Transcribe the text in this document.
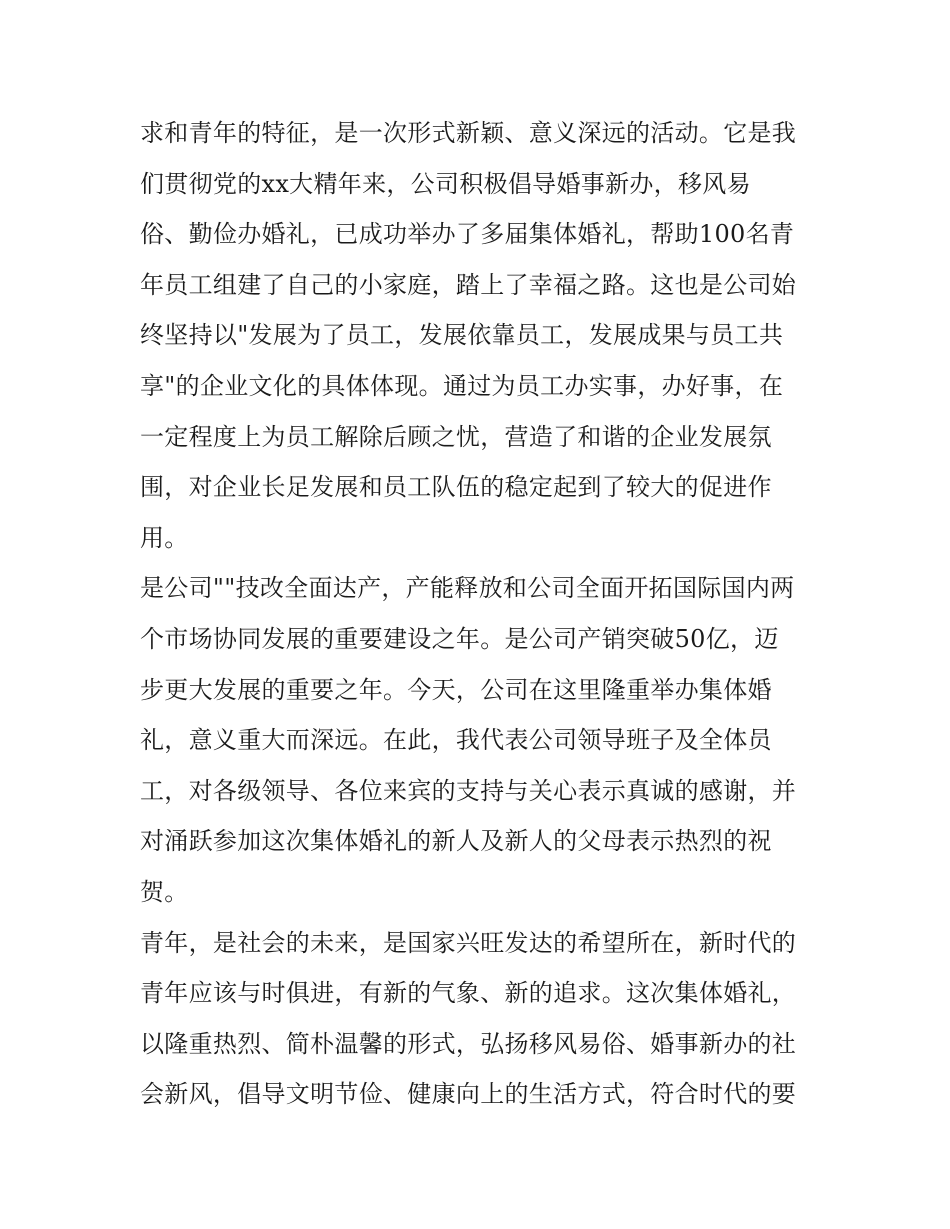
求和青年的特征，是一次形式新颖、意义深远的活动。它是我
们贯彻党的xx大精年来，公司积极倡导婚事新办，移风易
俗、勤俭办婚礼，已成功举办了多届集体婚礼，帮助100名青
年员工组建了自己的小家庭，踏上了幸福之路。这也是公司始
终坚持以"发展为了员工，发展依靠员工，发展成果与员工共
享"的企业文化的具体体现。通过为员工办实事，办好事，在
一定程度上为员工解除后顾之忧，营造了和谐的企业发展氛
围，对企业长足发展和员工队伍的稳定起到了较大的促进作
用。
是公司""技改全面达产，产能释放和公司全面开拓国际国内两
个市场协同发展的重要建设之年。是公司产销突破50亿，迈
步更大发展的重要之年。今天，公司在这里隆重举办集体婚
礼，意义重大而深远。在此，我代表公司领导班子及全体员
工，对各级领导、各位来宾的支持与关心表示真诚的感谢，并
对涌跃参加这次集体婚礼的新人及新人的父母表示热烈的祝
贺。
青年，是社会的未来，是国家兴旺发达的希望所在，新时代的
青年应该与时俱进，有新的气象、新的追求。这次集体婚礼，
以隆重热烈、简朴温馨的形式，弘扬移风易俗、婚事新办的社
会新风，倡导文明节俭、健康向上的生活方式，符合时代的要
